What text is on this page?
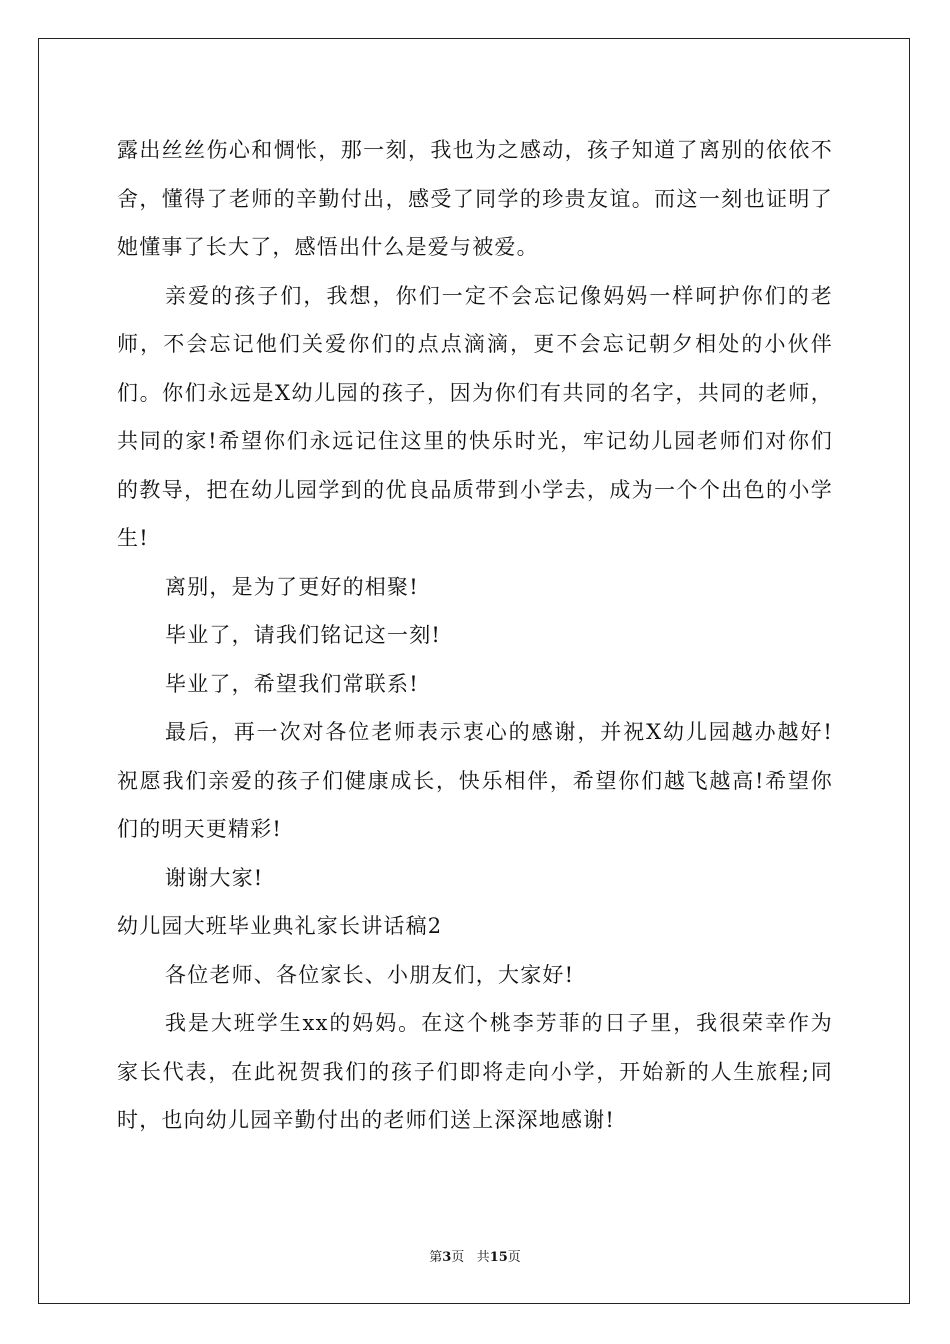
露出丝丝伤心和惆怅，那一刻，我也为之感动，孩子知道了离别的依依不舍，懂得了老师的辛勤付出，感受了同学的珍贵友谊。而这一刻也证明了她懂事了长大了，感悟出什么是爱与被爱。

亲爱的孩子们，我想，你们一定不会忘记像妈妈一样呵护你们的老师，不会忘记他们关爱你们的点点滴滴，更不会忘记朝夕相处的小伙伴们。你们永远是X幼儿园的孩子，因为你们有共同的名字，共同的老师，共同的家!希望你们永远记住这里的快乐时光，牢记幼儿园老师们对你们的教导，把在幼儿园学到的优良品质带到小学去，成为一个个出色的小学生!

离别，是为了更好的相聚!

毕业了，请我们铭记这一刻!

毕业了，希望我们常联系!

最后，再一次对各位老师表示衷心的感谢，并祝X幼儿园越办越好!祝愿我们亲爱的孩子们健康成长，快乐相伴，希望你们越飞越高!希望你们的明天更精彩!

谢谢大家!

幼儿园大班毕业典礼家长讲话稿2

各位老师、各位家长、小朋友们，大家好!

我是大班学生xx的妈妈。在这个桃李芳菲的日子里，我很荣幸作为家长代表，在此祝贺我们的孩子们即将走向小学，开始新的人生旅程;同时，也向幼儿园辛勤付出的老师们送上深深地感谢!

第3页 共15页
